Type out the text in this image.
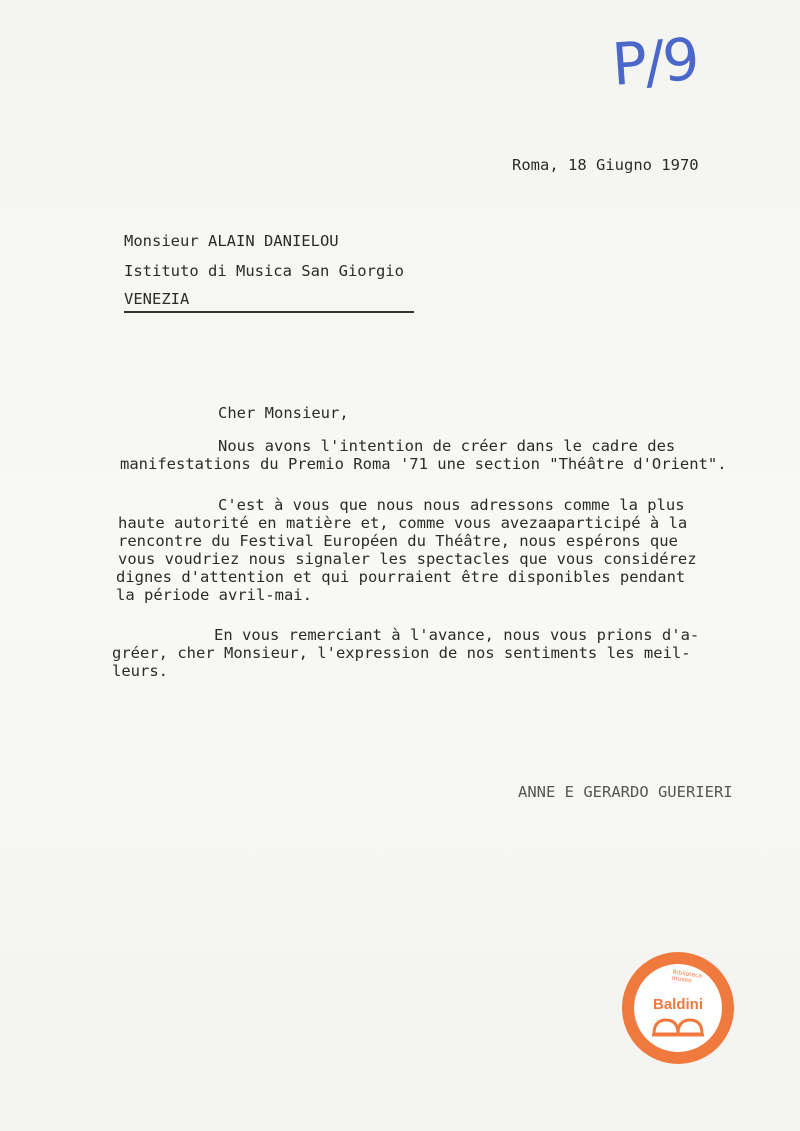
P/9
Roma, 18 Giugno 1970
Monsieur ALAIN DANIELOU
Istituto di Musica San Giorgio
VENEZIA
Cher Monsieur,
Nous avons l'intention de créer dans le cadre des
manifestations du Premio Roma '71 une section "Théâtre d'Orient".
C'est à vous que nous nous adressons comme la plus
haute autorité en matière et, comme vous avezaaparticipé à la
rencontre du Festival Européen du Théâtre, nous espérons que
vous voudriez nous signaler les spectacles que vous considérez
dignes d'attention et qui pourraient être disponibles pendant
la période avril-mai.
En vous remerciant à l'avance, nous vous prions d'a-
gréer, cher Monsieur, l'expression de nos sentiments les meil-
leurs.
ANNE E GERARDO GUERIERI
Biblioteca museo
Baldini
